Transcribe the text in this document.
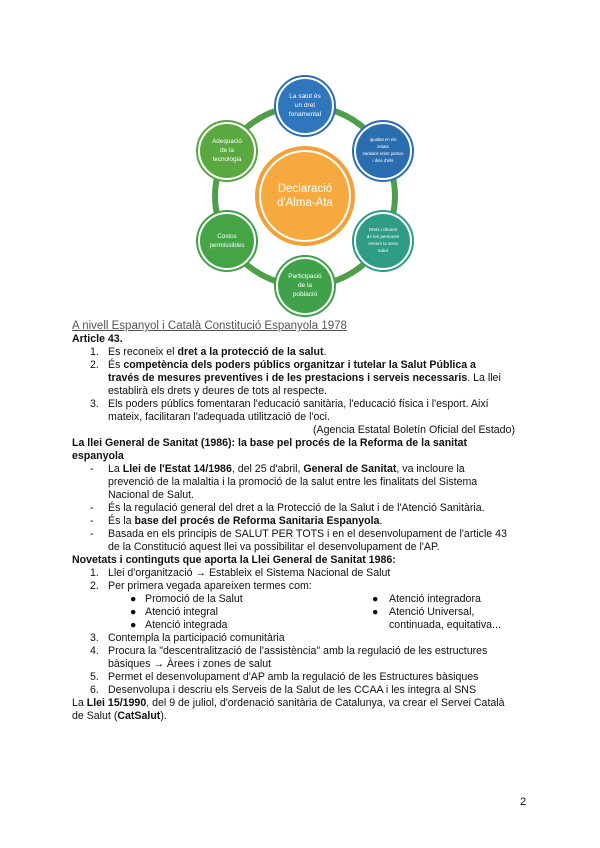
Declaració
d'Alma-Ata
La salut és
un dret
fonamental
Igualtat en els
estats
sanitaris entre països
i dins d'ells
Drets i deures
de les persones
envers la seva
salut
Participació
de la
població
Costos
permissibles
Adequació
de la
tecnologia
A nivell Espanyol i Català Constitució Espanyola 1978
Article 43.
1. Es reconeix el dret a la protecció de la salut.
2. És competència dels poders públics organitzar i tutelar la Salut Pública a
través de mesures preventives i de les prestacions i serveis necessaris. La llei
establirà els drets y deures de tots al respecte.
3. Els poders públics fomentaran l'educació sanitària, l'educació física i l'esport. Així
mateix, facilitaran l'adequada utilització de l'oci.
(Agencia Estatal Boletín Oficial del Estado)
La llei General de Sanitat (1986): la base pel procés de la Reforma de la sanitat
espanyola
- La Llei de l'Estat 14/1986, del 25 d'abril, General de Sanitat, va incloure la
prevenció de la malaltia i la promoció de la salut entre les finalitats del Sistema
Nacional de Salut.
- És la regulació general del dret a la Protecció de la Salut i de l'Atenció Sanitària.
- És la base del procés de Reforma Sanitaria Espanyola.
- Basada en els principis de SALUT PER TOTS i en el desenvolupament de l'article 43
de la Constitució aquest llei va possibilitar el desenvolupament de l'AP.
Novetats i continguts que aporta la Llei General de Sanitat 1986:
1. Llei d'organització → Estableix el Sistema Nacional de Salut
2. Per primera vegada apareixen termes com:
● Promoció de la Salut
● Atenció integral
● Atenció integrada
● Atenció integradora
● Atenció Universal,
continuada, equitativa...
3. Contempla la participació comunitària
4. Procura la "descentralització de l'assistència" amb la regulació de les estructures
bàsiques → Àrees i zones de salut
5. Permet el desenvolupament d'AP amb la regulació de les Estructures bàsiques
6. Desenvolupa i descriu els Serveis de la Salut de les CCAA i les integra al SNS
La Llei 15/1990, del 9 de juliol, d'ordenació sanitària de Catalunya, va crear el Servei Català
de Salut (CatSalut).
2
